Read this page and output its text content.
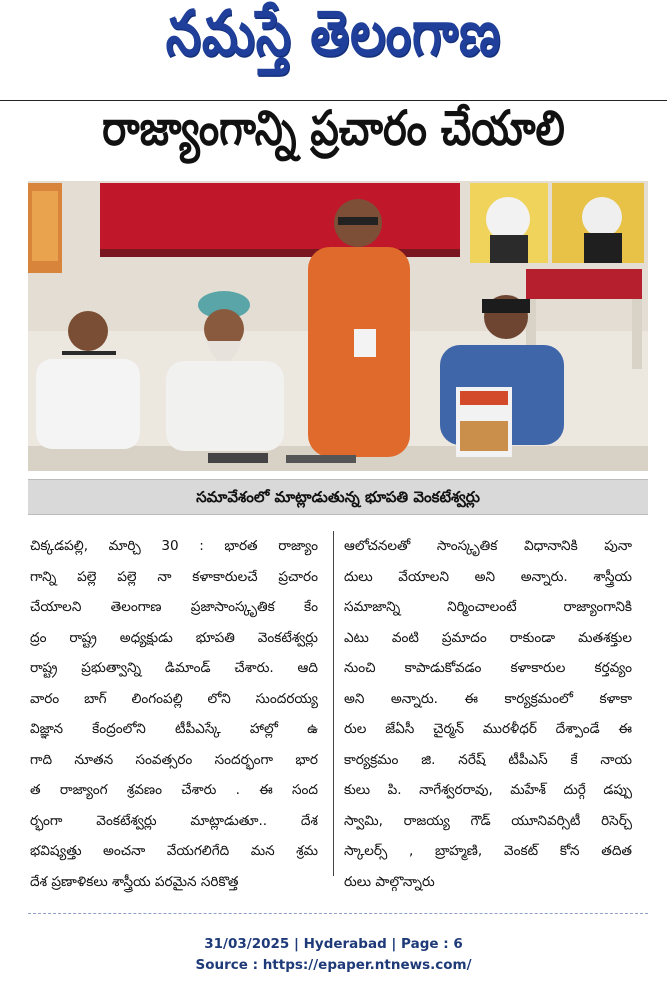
నమస్తే తెలంగాణ
రాజ్యాంగాన్ని ప్రచారం చేయాలి
సమావేశంలో మాట్లాడుతున్న భూపతి వెంకటేశ్వర్లు
చిక్కడపల్లి, మార్చి 30 : భారత రాజ్యాం
గాన్ని పల్లె పల్లె నా కళాకారులచే ప్రచారం
చేయాలని తెలంగాణ ప్రజాసాంస్కృతిక కేం
ద్రం రాష్ట్ర అధ్యక్షుడు భూపతి వెంకటేశ్వర్లు
రాష్ట్ర ప్రభుత్వాన్ని డిమాండ్ చేశారు. ఆది
వారం బాగ్ లింగంపల్లి లోని సుందరయ్య
విజ్ఞాన కేంద్రంలోని టీపీఎస్కే హాల్లో ఉ
గాది నూతన సంవత్సరం సందర్భంగా భార
త రాజ్యాంగ శ్రవణం చేశారు . ఈ సంద
ర్భంగా వెంకటేశ్వర్లు మాట్లాడుతూ.. దేశ
భవిష్యత్తు అంచనా వేయగలిగేది మన శ్రమ
దేశ ప్రణాళికలు శాస్త్రీయ పరమైన సరికొత్త
ఆలోచనలతో సాంస్కృతిక విధానానికి పునా
దులు వేయాలని అని అన్నారు. శాస్త్రీయ
సమాజాన్ని నిర్మించాలంటే రాజ్యాంగానికి
ఎటు వంటి ప్రమాదం రాకుండా మతశక్తుల
నుంచి కాపాడుకోవడం కళాకారుల కర్తవ్యం
అని అన్నారు. ఈ కార్యక్రమంలో కళాకా
రుల జేఏసీ చైర్మన్ మురళీధర్ దేశ్పాండే ఈ
కార్యక్రమం జి. నరేష్ టీపీఎస్ కే నాయ
కులు పి. నాగేశ్వరరావు, మహేశ్ దుర్గే డప్పు
స్వామి, రాజయ్య గౌడ్ యూనివర్సిటీ రిసెర్చ్
స్కాలర్స్ , బ్రాహ్మణి, వెంకట్ కోన తదిత
రులు పాల్గొన్నారు
31/03/2025 | Hyderabad | Page : 6
Source : https://epaper.ntnews.com/
